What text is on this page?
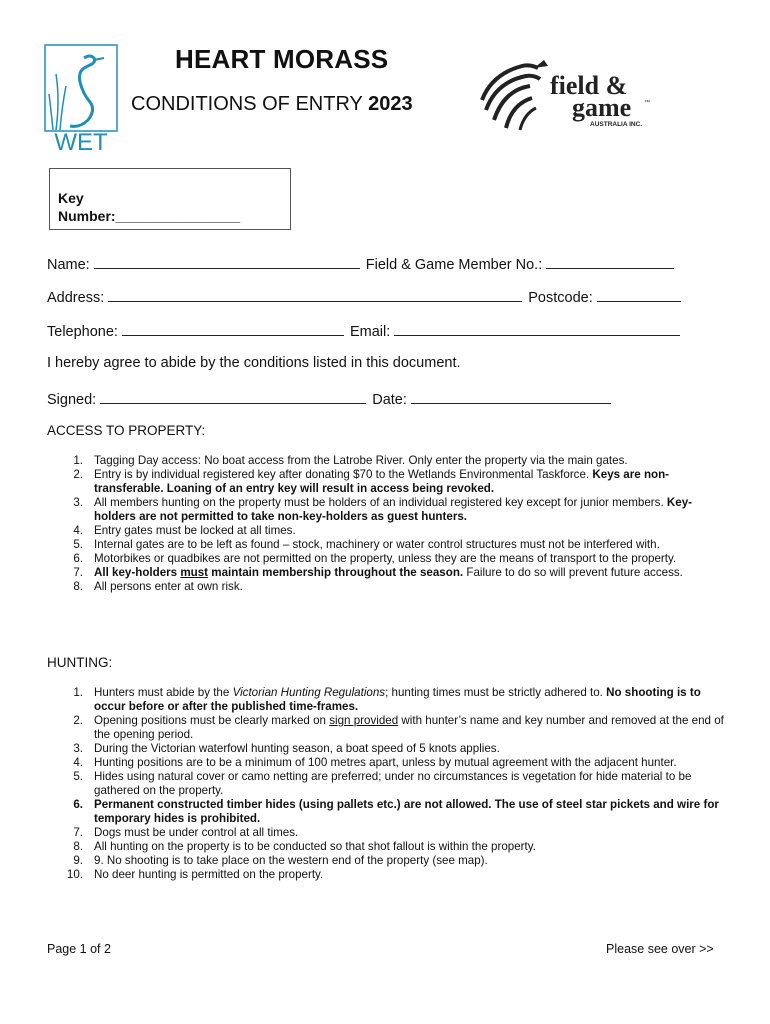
WET
field &
game ™
AUSTRALIA INC.
HEART MORASS
CONDITIONS OF ENTRY 2023
Key
Number:________________
Name:	Field & Game Member No.:
Address:	Postcode:
Telephone:	Email:
I hereby agree to abide by the conditions listed in this document.
Signed:	Date:
ACCESS TO PROPERTY:
1. Tagging Day access: No boat access from the Latrobe River. Only enter the property via the main gates.
2. Entry is by individual registered key after donating $70 to the Wetlands Environmental Taskforce. Keys are non-transferable. Loaning of an entry key will result in access being revoked.
3. All members hunting on the property must be holders of an individual registered key except for junior members. Key-holders are not permitted to take non-key-holders as guest hunters.
4. Entry gates must be locked at all times.
5. Internal gates are to be left as found – stock, machinery or water control structures must not be interfered with.
6. Motorbikes or quadbikes are not permitted on the property, unless they are the means of transport to the property.
7. All key-holders must maintain membership throughout the season. Failure to do so will prevent future access.
8. All persons enter at own risk.
HUNTING:
1. Hunters must abide by the Victorian Hunting Regulations; hunting times must be strictly adhered to. No shooting is to occur before or after the published time-frames.
2. Opening positions must be clearly marked on sign provided with hunter’s name and key number and removed at the end of the opening period.
3. During the Victorian waterfowl hunting season, a boat speed of 5 knots applies.
4. Hunting positions are to be a minimum of 100 metres apart, unless by mutual agreement with the adjacent hunter.
5. Hides using natural cover or camo netting are preferred; under no circumstances is vegetation for hide material to be gathered on the property.
6. Permanent constructed timber hides (using pallets etc.) are not allowed. The use of steel star pickets and wire for temporary hides is prohibited.
7. Dogs must be under control at all times.
8. All hunting on the property is to be conducted so that shot fallout is within the property.
9. 9. No shooting is to take place on the western end of the property (see map).
10. No deer hunting is permitted on the property.
Page 1 of 2	Please see over >>
